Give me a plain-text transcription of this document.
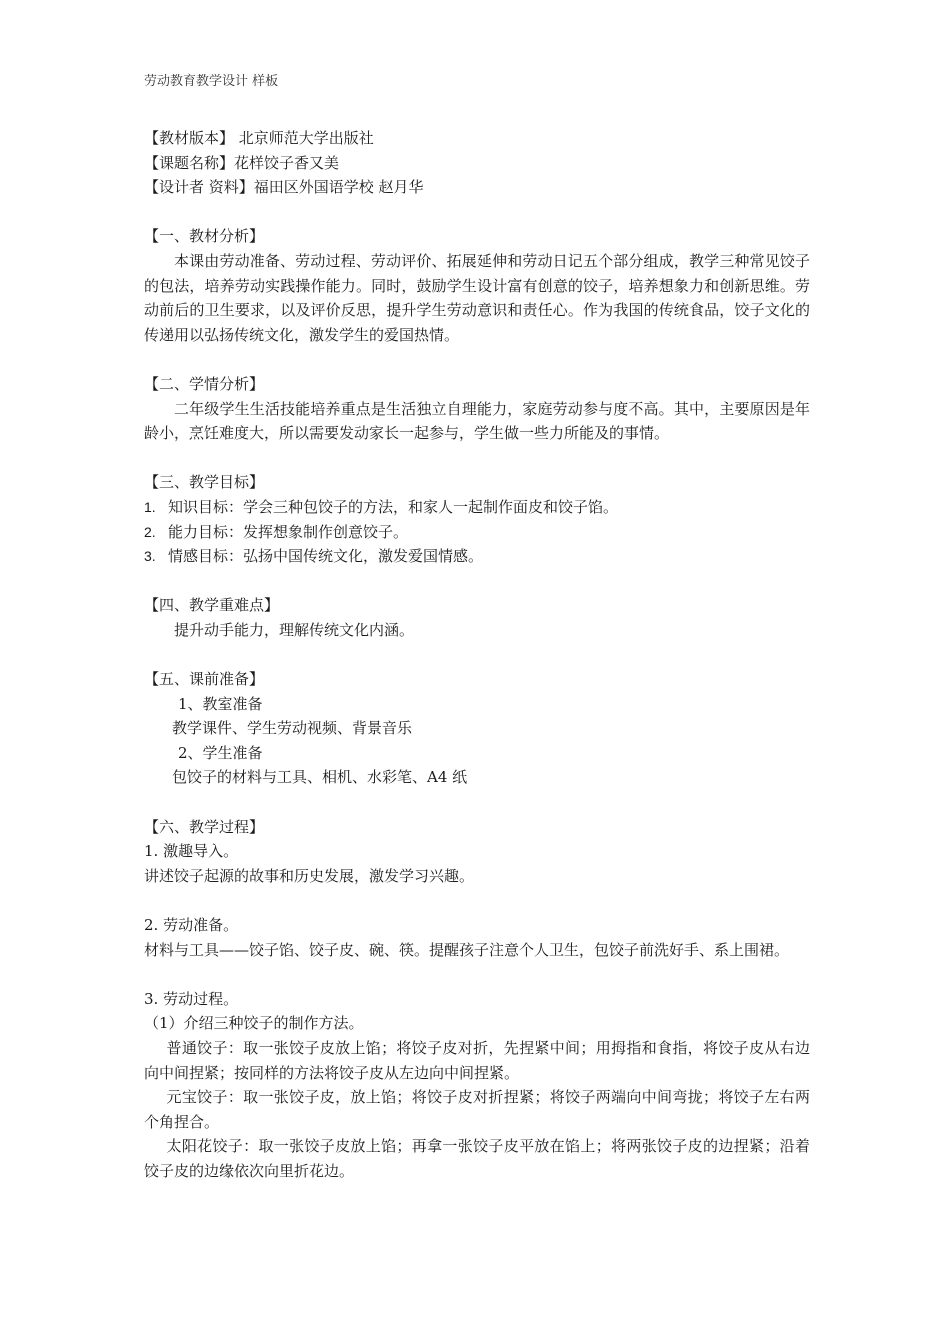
劳动教育教学设计 样板
【教材版本】 北京师范大学出版社
【课题名称】花样饺子香又美
【设计者 资料】福田区外国语学校 赵月华
【一、教材分析】
本课由劳动准备、劳动过程、劳动评价、拓展延伸和劳动日记五个部分组成，教学三种常见饺子的包法，培养劳动实践操作能力。同时，鼓励学生设计富有创意的饺子，培养想象力和创新思维。劳动前后的卫生要求，以及评价反思，提升学生劳动意识和责任心。作为我国的传统食品，饺子文化的传递用以弘扬传统文化，激发学生的爱国热情。
【二、学情分析】
二年级学生生活技能培养重点是生活独立自理能力，家庭劳动参与度不高。其中，主要原因是年龄小，烹饪难度大，所以需要发动家长一起参与，学生做一些力所能及的事情。
【三、教学目标】
1. 知识目标：学会三种包饺子的方法，和家人一起制作面皮和饺子馅。
2. 能力目标：发挥想象制作创意饺子。
3. 情感目标：弘扬中国传统文化，激发爱国情感。
【四、教学重难点】
提升动手能力，理解传统文化内涵。
【五、课前准备】
1、教室准备
教学课件、学生劳动视频、背景音乐
2、学生准备
包饺子的材料与工具、相机、水彩笔、A4 纸
【六、教学过程】
1. 激趣导入。
讲述饺子起源的故事和历史发展，激发学习兴趣。
2. 劳动准备。
材料与工具——饺子馅、饺子皮、碗、筷。提醒孩子注意个人卫生，包饺子前洗好手、系上围裙。
3. 劳动过程。
（1）介绍三种饺子的制作方法。
普通饺子：取一张饺子皮放上馅；将饺子皮对折，先捏紧中间；用拇指和食指，将饺子皮从右边向中间捏紧；按同样的方法将饺子皮从左边向中间捏紧。
元宝饺子：取一张饺子皮，放上馅；将饺子皮对折捏紧；将饺子两端向中间弯拢；将饺子左右两个角捏合。
太阳花饺子：取一张饺子皮放上馅；再拿一张饺子皮平放在馅上；将两张饺子皮的边捏紧；沿着饺子皮的边缘依次向里折花边。
